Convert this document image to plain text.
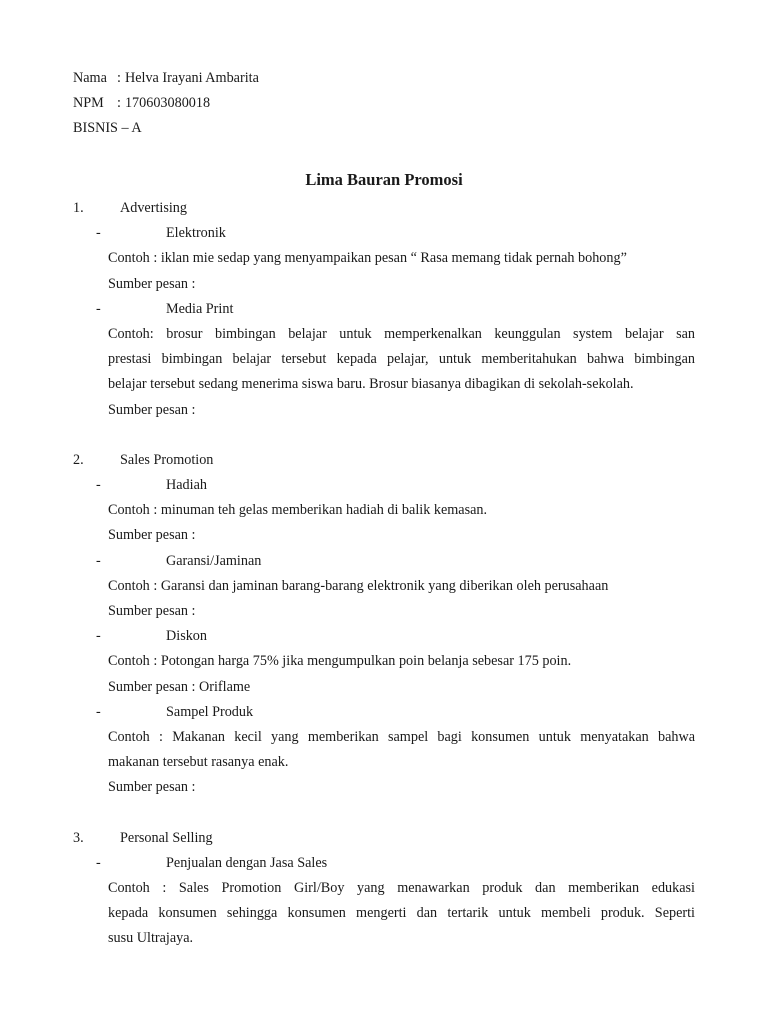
Nama : Helva Irayani Ambarita
NPM : 170603080018
BISNIS – A
Lima Bauran Promosi
1.	Advertising
-	Elektronik
Contoh : iklan mie sedap yang menyampaikan pesan “ Rasa memang tidak pernah bohong”
Sumber pesan :
-	Media Print
Contoh: brosur bimbingan belajar untuk memperkenalkan keunggulan system belajar san
prestasi bimbingan belajar tersebut kepada pelajar, untuk memberitahukan bahwa bimbingan
belajar tersebut sedang menerima siswa baru. Brosur biasanya dibagikan di sekolah-sekolah.
Sumber pesan :
2.	Sales Promotion
-	Hadiah
Contoh : minuman teh gelas memberikan hadiah di balik kemasan.
Sumber pesan :
-	Garansi/Jaminan
Contoh : Garansi dan jaminan barang-barang elektronik yang diberikan oleh perusahaan
Sumber pesan :
-	Diskon
Contoh : Potongan harga 75% jika mengumpulkan poin belanja sebesar 175 poin.
Sumber pesan : Oriflame
-	Sampel Produk
Contoh : Makanan kecil yang memberikan sampel bagi konsumen untuk menyatakan bahwa
makanan tersebut rasanya enak.
Sumber pesan :
3.	Personal Selling
-	Penjualan dengan Jasa Sales
Contoh : Sales Promotion Girl/Boy yang menawarkan produk dan memberikan edukasi
kepada konsumen sehingga konsumen mengerti dan tertarik untuk membeli produk. Seperti
susu Ultrajaya.
